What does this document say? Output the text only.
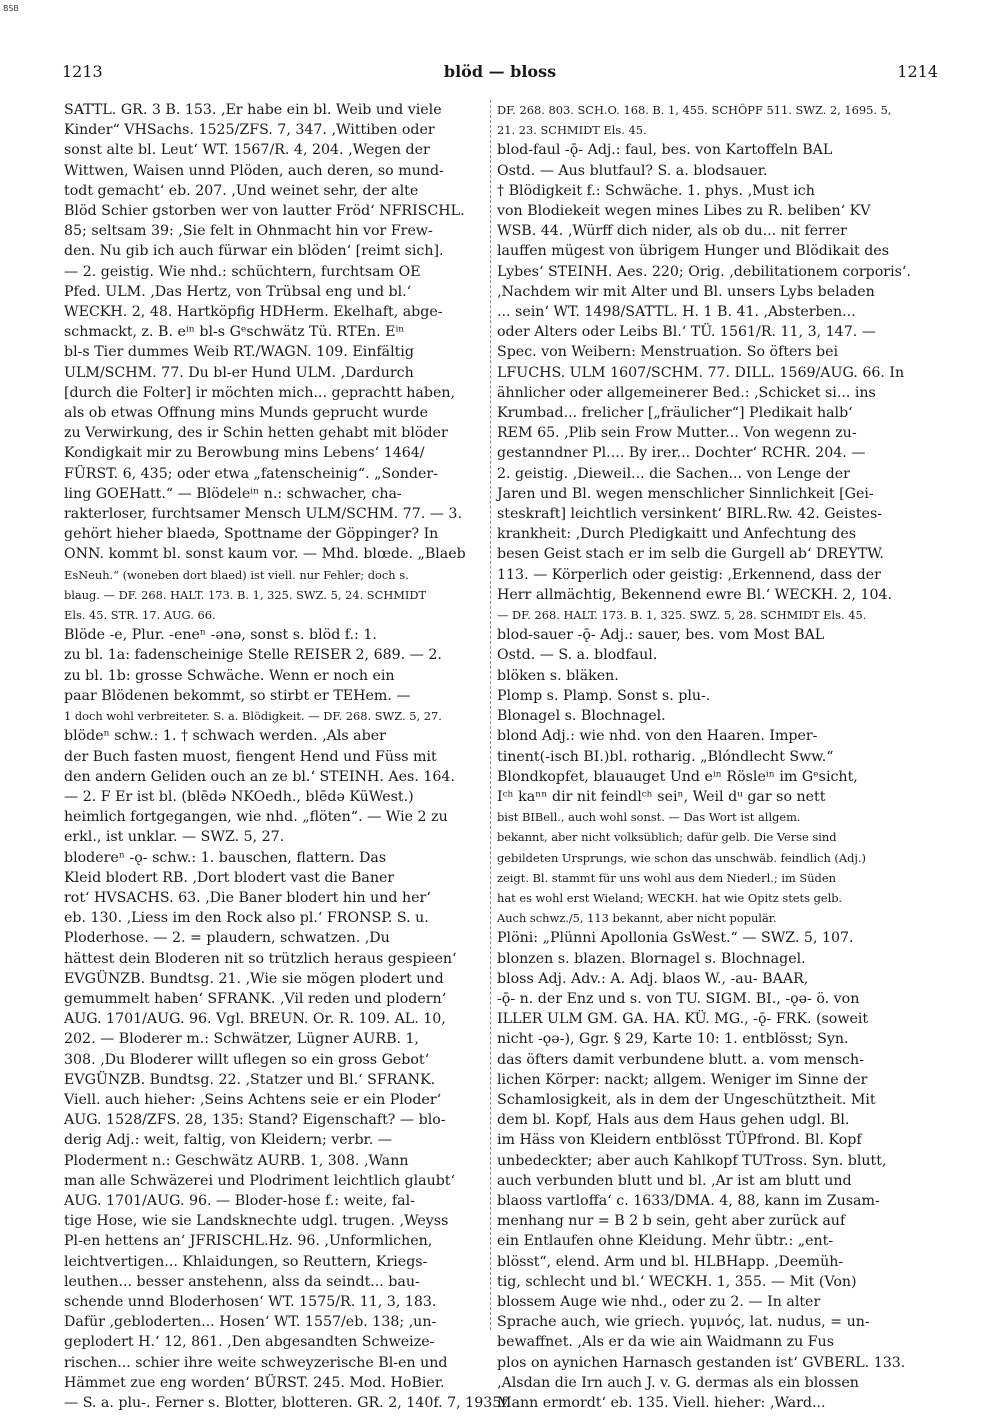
BSB
1213	blöd — bloss	1214
SATTL. GR. 3 B. 153. ‚Er habe ein bl. Weib und viele
Kinder“ VHSachs. 1525/ZFS. 7, 347. ‚Wittiben oder
sonst alte bl. Leut‘ WT. 1567/R. 4, 204. ‚Wegen der
Wittwen, Waisen unnd Plöden, auch deren, so mund-
todt gemacht‘ eb. 207. ‚Und weinet sehr, der alte
Blöd Schier gstorben wer von lautter Fröd‘ NFRISCHL.
85; seltsam 39: ‚Sie felt in Ohnmacht hin vor Frew-
den. Nu gib ich auch fürwar ein blöden‘ [reimt sich].
— 2. geistig. Wie nhd.: schüchtern, furchtsam OE
Pfed. ULM. ‚Das Hertz, von Trübsal eng und bl.‘
WECKH. 2, 48. Hartköpfig HDHerm. Ekelhaft, abge-
schmackt, z. B. eⁱⁿ bl-s Gᵉschwätz Tü. RTEn. Eⁱⁿ
bl-s Tier dummes Weib RT./WAGN. 109. Einfältig
ULM/SCHM. 77. Du bl-er Hund ULM. ‚Dardurch
[durch die Folter] ir möchten mich... geprachtt haben,
als ob etwas Offnung mins Munds geprucht wurde
zu Verwirkung, des ir Schin hetten gehabt mit blöder
Kondigkait mir zu Berowbung mins Lebens‘ 1464/
FÜRST. 6, 435; oder etwa „fatenscheinig“. „Sonder-
ling GOEHatt.“ — Blödeleⁱⁿ n.: schwacher, cha-
rakterloser, furchtsamer Mensch ULM/SCHM. 77. — 3.
gehört hieher blaedə, Spottname der Göppinger? In
ONN. kommt bl. sonst kaum vor. — Mhd. blœde. „Blaeb
EsNeuh.“ (woneben dort blaed) ist viell. nur Fehler; doch s.
blaug. — DF. 268. HALT. 173. B. 1, 325. SWZ. 5, 24. SCHMIDT
Els. 45. STR. 17. AUG. 66.
Blöde -e, Plur. -eneⁿ -ənə, sonst s. blöd f.: 1.
zu bl. 1a: fadenscheinige Stelle REISER 2, 689. — 2.
zu bl. 1b: grosse Schwäche. Wenn er noch ein
paar Blödenen bekommt, so stirbt er TEHem. —
1 doch wohl verbreiteter. S. a. Blödigkeit. — DF. 268. SWZ. 5, 27.
blödeⁿ schw.: 1. † schwach werden. ‚Als aber
der Buch fasten muost, fiengent Hend und Füss mit
den andern Geliden ouch an ze bl.‘ STEINH. Aes. 164.
— 2. F Er ist bl. (blēdə NKOedh., blēdə KüWest.)
heimlich fortgegangen, wie nhd. „flöten“. — Wie 2 zu
erkl., ist unklar. — SWZ. 5, 27.
blodereⁿ -ǫ- schw.: 1. bauschen, flattern. Das
Kleid blodert RB. ‚Dort blodert vast die Baner
rot‘ HVSACHS. 63. ‚Die Baner blodert hin und her‘
eb. 130. ‚Liess im den Rock also pl.‘ FRONSP. S. u.
Ploderhose. — 2. = plaudern, schwatzen. ‚Du
hättest dein Bloderen nit so trützlich heraus gespieen‘
EVGÜNZB. Bundtsg. 21. ‚Wie sie mögen plodert und
gemummelt haben‘ SFRANK. ‚Vil reden und plodern‘
AUG. 1701/AUG. 96. Vgl. BREUN. Or. R. 109. AL. 10,
202. — Bloderer m.: Schwätzer, Lügner AURB. 1,
308. ‚Du Bloderer willt uflegen so ein gross Gebot‘
EVGÜNZB. Bundtsg. 22. ‚Statzer und Bl.‘ SFRANK.
Viell. auch hieher: ‚Seins Achtens seie er ein Ploder‘
AUG. 1528/ZFS. 28, 135: Stand? Eigenschaft? — blo-
derig Adj.: weit, faltig, von Kleidern; verbr. —
Ploderment n.: Geschwätz AURB. 1, 308. ‚Wann
man alle Schwäzerei und Plodriment leichtlich glaubt‘
AUG. 1701/AUG. 96. — Bloder-hose f.: weite, fal-
tige Hose, wie sie Landsknechte udgl. trugen. ‚Weyss
Pl-en hettens an‘ JFRISCHL.Hz. 96. ‚Unformlichen,
leichtvertigen... Khlaidungen, so Reuttern, Kriegs-
leuthen... besser anstehenn, alss da seindt... bau-
schende unnd Bloderhosen‘ WT. 1575/R. 11, 3, 183.
Dafür ‚gebloderten... Hosen‘ WT. 1557/eb. 138; ‚un-
geplodert H.‘ 12, 861. ‚Den abgesandten Schweize-
rischen... schier ihre weite schweyzerische Bl-en und
Hämmet zue eng worden‘ BÜRST. 245. Mod. HoBier.
— S. a. plu-. Ferner s. Blotter, blotteren. GR. 2, 140f. 7, 1935f.
DF. 268. 803. SCH.O. 168. B. 1, 455. SCHÖPF 511. SWZ. 2, 1695. 5,
21. 23. SCHMIDT Els. 45.
blod-faul -ǭ- Adj.: faul, bes. von Kartoffeln BAL
Ostd. — Aus blutfaul? S. a. blodsauer.
† Blödigkeit f.: Schwäche. 1. phys. ‚Must ich
von Blodiekeit wegen mines Libes zu R. beliben‘ KV
WSB. 44. ‚Würff dich nider, als ob du... nit ferrer
lauffen mügest von übrigem Hunger und Blödikait des
Lybes‘ STEINH. Aes. 220; Orig. ‚debilitationem corporis‘.
‚Nachdem wir mit Alter und Bl. unsers Lybs beladen
... sein‘ WT. 1498/SATTL. H. 1 B. 41. ‚Absterben...
oder Alters oder Leibs Bl.‘ TÜ. 1561/R. 11, 3, 147. —
Spec. von Weibern: Menstruation. So öfters bei
LFUCHS. ULM 1607/SCHM. 77. DILL. 1569/AUG. 66. In
ähnlicher oder allgemeinerer Bed.: ‚Schicket si... ins
Krumbad... frelicher [„fräulicher“] Pledikait halb‘
REM 65. ‚Plib sein Frow Mutter... Von wegenn zu-
gestanndner Pl.... By irer... Dochter‘ RCHR. 204. —
2. geistig. ‚Dieweil... die Sachen... von Lenge der
Jaren und Bl. wegen menschlicher Sinnlichkeit [Gei-
steskraft] leichtlich versinkent‘ BIRL.Rw. 42. Geistes-
krankheit: ‚Durch Pledigkaitt und Anfechtung des
besen Geist stach er im selb die Gurgell ab‘ DREYTW.
113. — Körperlich oder geistig: ‚Erkennend, dass der
Herr allmächtig, Bekennend ewre Bl.‘ WECKH. 2, 104.
— DF. 268. HALT. 173. B. 1, 325. SWZ. 5, 28. SCHMIDT Els. 45.
blod-sauer -ǭ- Adj.: sauer, bes. vom Most BAL
Ostd. — S. a. blodfaul.
blöken s. bläken.
Plomp s. Plamp. Sonst s. plu-.
Blonagel s. Blochnagel.
blond Adj.: wie nhd. von den Haaren. Imper-
tinent(-isch BI.)bl. rotharig. „Blóndlecht Sww.“
Blondkopfet, blauauget Und eⁱⁿ Rösleⁱⁿ im Gᵉsicht,
Iᶜʰ kaⁿⁿ dir nit feindlᶜʰ seiⁿ, Weil dᵘ gar so nett
bist BIBell., auch wohl sonst. — Das Wort ist allgem.
bekannt, aber nicht volksüblich; dafür gelb. Die Verse sind
gebildeten Ursprungs, wie schon das unschwäb. feindlich (Adj.)
zeigt. Bl. stammt für uns wohl aus dem Niederl.; im Süden
hat es wohl erst Wieland; WECKH. hat wie Opitz stets gelb.
Auch schwz./5, 113 bekannt, aber nicht populär.
Plöni: „Plünni Apollonia GsWest.“ — SWZ. 5, 107.
blonzen s. blazen. Blornagel s. Blochnagel.
bloss Adj. Adv.: A. Adj. blaos W., -au- BAAR,
-ǭ- n. der Enz und s. von TU. SIGM. BI., -ǫə- ö. von
ILLER ULM GM. GA. HA. KÜ. MG., -ǭ- FRK. (soweit
nicht -ǫə-), Ggr. § 29, Karte 10: 1. entblösst; Syn.
das öfters damit verbundene blutt. a. vom mensch-
lichen Körper: nackt; allgem. Weniger im Sinne der
Schamlosigkeit, als in dem der Ungeschütztheit. Mit
dem bl. Kopf, Hals aus dem Haus gehen udgl. Bl.
im Häss von Kleidern entblösst TÜPfrond. Bl. Kopf
unbedeckter; aber auch Kahlkopf TUTross. Syn. blutt,
auch verbunden blutt und bl. ‚Ar ist am blutt und
blaoss vartloffa‘ c. 1633/DMA. 4, 88, kann im Zusam-
menhang nur = B 2 b sein, geht aber zurück auf
ein Entlaufen ohne Kleidung. Mehr übtr.: „ent-
blösst“, elend. Arm und bl. HLBHapp. ‚Deemüh-
tig, schlecht und bl.‘ WECKH. 1, 355. — Mit (Von)
blossem Auge wie nhd., oder zu 2. — In alter
Sprache auch, wie griech. γυμνός, lat. nudus, = un-
bewaffnet. ‚Als er da wie ain Waidmann zu Fus
plos on aynichen Harnasch gestanden ist‘ GVBERL. 133.
‚Alsdan die Irn auch J. v. G. dermas als ein blossen
Mann ermordt‘ eb. 135. Viell. hieher: ‚Ward...
